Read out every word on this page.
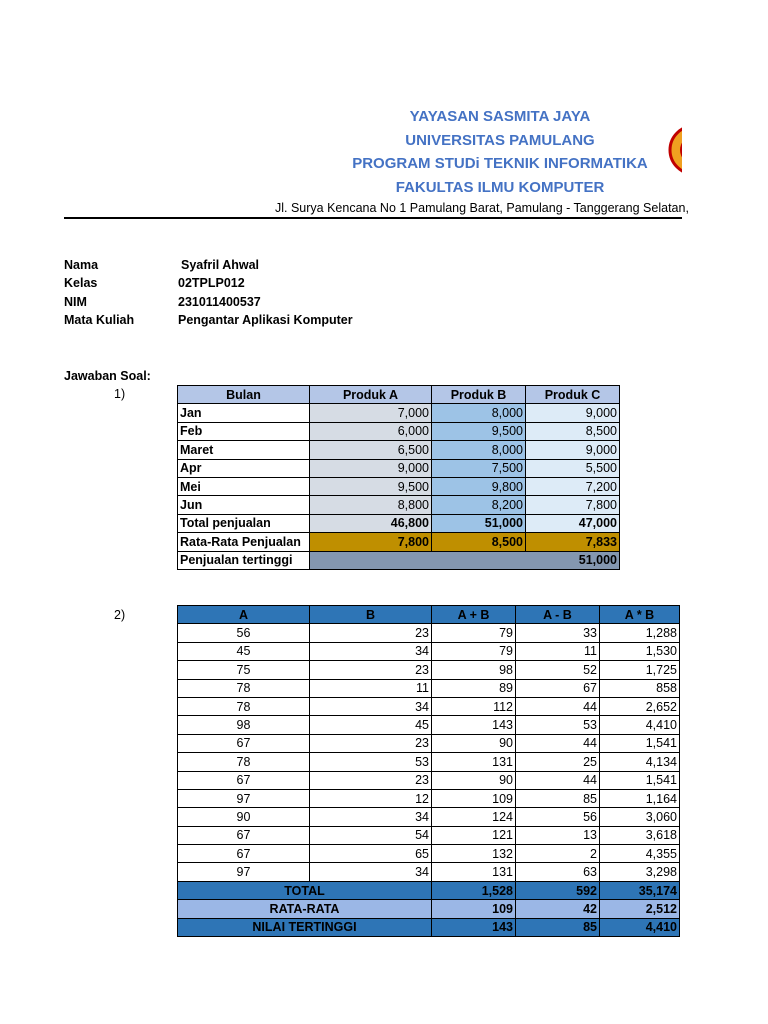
YAYASAN SASMITA JAYA
UNIVERSITAS PAMULANG
PROGRAM STUDi TEKNIK INFORMATIKA
FAKULTAS ILMU KOMPUTER
Jl. Surya Kencana No 1 Pamulang Barat, Pamulang - Tanggerang Selatan,
Nama	Syafril Ahwal
Kelas	02TPLP012
NIM	231011400537
Mata Kuliah	Pengantar Aplikasi Komputer
Jawaban Soal:
1)	Bulan	Produk A	Produk B	Produk C
Jan	7,000	8,000	9,000
Feb	6,000	9,500	8,500
Maret	6,500	8,000	9,000
Apr	9,000	7,500	5,500
Mei	9,500	9,800	7,200
Jun	8,800	8,200	7,800
Total penjualan	46,800	51,000	47,000
Rata-Rata Penjualan	7,800	8,500	7,833
Penjualan tertinggi	51,000		
2)	A	B	A + B	A - B	A * B
56	23	79	33	1,288
45	34	79	11	1,530
75	23	98	52	1,725
78	11	89	67	858
78	34	112	44	2,652
98	45	143	53	4,410
67	23	90	44	1,541
78	53	131	25	4,134
67	23	90	44	1,541
97	12	109	85	1,164
90	34	124	56	3,060
67	54	121	13	3,618
67	65	132	2	4,355
97	34	131	63	3,298
TOTAL		1,528	592	35,174
RATA-RATA		109	42	2,512
NILAI TERTINGGI		143	85	4,410
